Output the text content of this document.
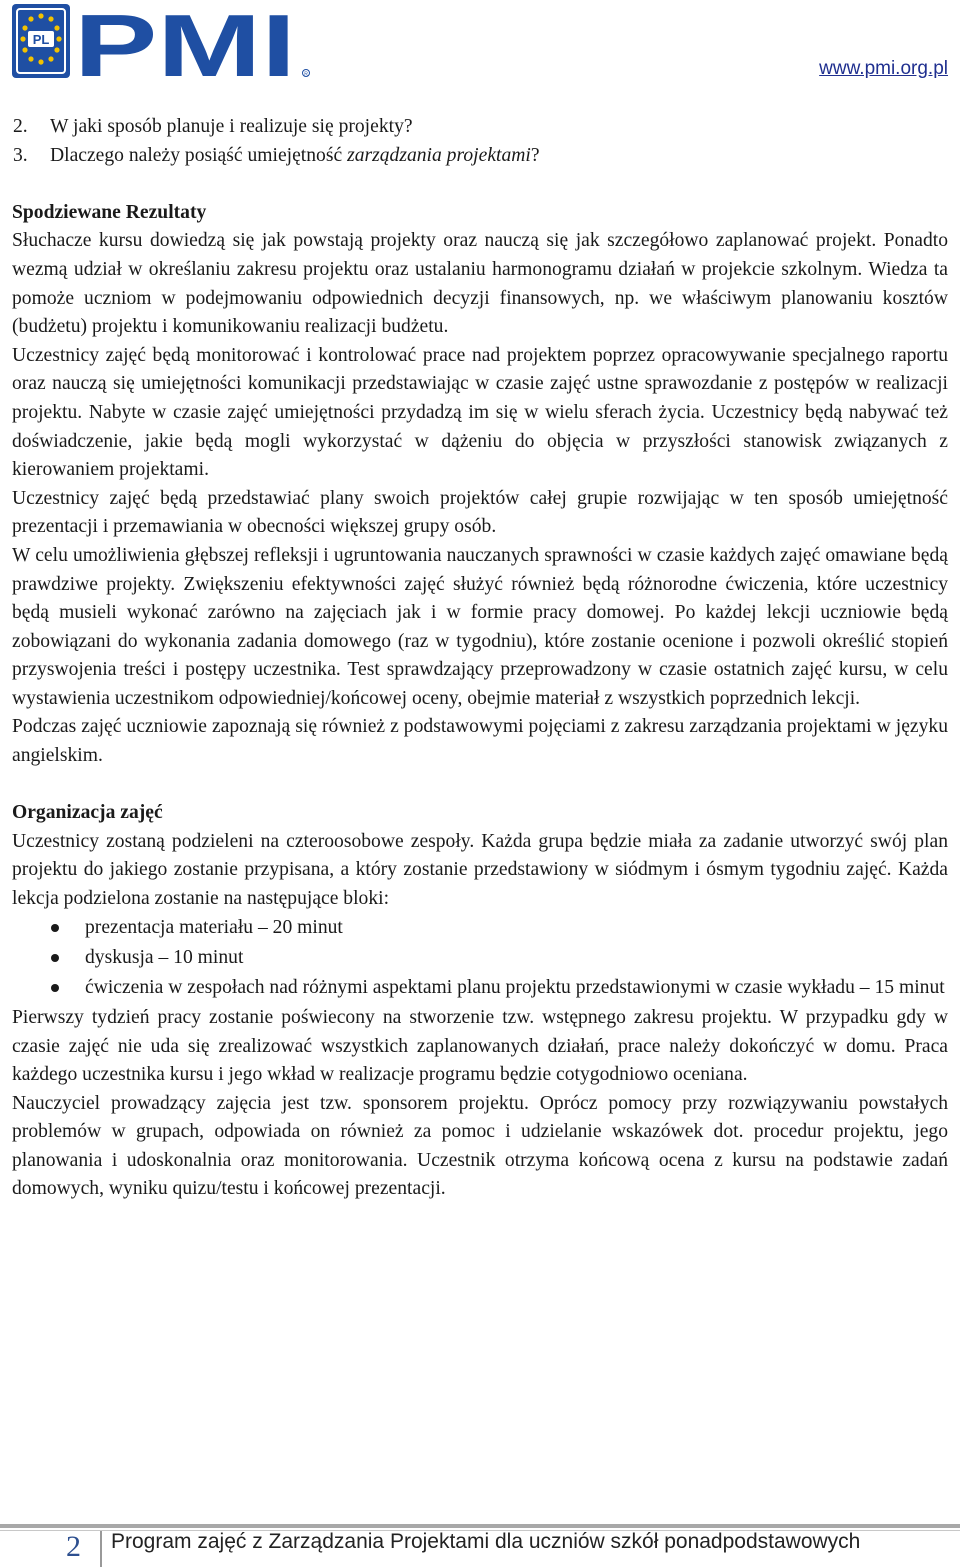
PL PMI R	www.pmi.org.pl
2. W jaki sposób planuje i realizuje się projekty?
3. Dlaczego należy posiąść umiejętność zarządzania projektami?
Spodziewane Rezultaty

Słuchacze kursu dowiedzą się jak powstają projekty oraz nauczą się jak szczegółowo zaplanować projekt. Ponadto wezmą udział w określaniu zakresu projektu oraz ustalaniu harmonogramu działań w projekcie szkolnym. Wiedza ta pomoże uczniom w podejmowaniu odpowiednich decyzji finansowych, np. we właściwym planowaniu kosztów (budżetu) projektu i komunikowaniu realizacji budżetu.

Uczestnicy zajęć będą monitorować i kontrolować prace nad projektem poprzez opracowywanie specjalnego raportu oraz nauczą się umiejętności komunikacji przedstawiając w czasie zajęć ustne sprawozdanie z postępów w realizacji projektu. Nabyte w czasie zajęć umiejętności przydadzą im się w wielu sferach życia. Uczestnicy będą nabywać też doświadczenie, jakie będą mogli wykorzystać w dążeniu do objęcia w przyszłości stanowisk związanych z kierowaniem projektami.

Uczestnicy zajęć będą przedstawiać plany swoich projektów całej grupie rozwijając w ten sposób umiejętność prezentacji i przemawiania w obecności większej grupy osób.

W celu umożliwienia głębszej refleksji i ugruntowania nauczanych sprawności w czasie każdych zajęć omawiane będą prawdziwe projekty. Zwiększeniu efektywności zajęć służyć również będą różnorodne ćwiczenia, które uczestnicy będą musieli wykonać zarówno na zajęciach jak i w formie pracy domowej. Po każdej lekcji uczniowie będą zobowiązani do wykonania zadania domowego (raz w tygodniu), które zostanie ocenione i pozwoli określić stopień przyswojenia treści i postępy uczestnika. Test sprawdzający przeprowadzony w czasie ostatnich zajęć kursu, w celu wystawienia uczestnikom odpowiedniej/końcowej oceny, obejmie materiał z wszystkich poprzednich lekcji.

Podczas zajęć uczniowie zapoznają się również z podstawowymi pojęciami z zakresu zarządzania projektami w języku angielskim.

Organizacja zajęć

Uczestnicy zostaną podzieleni na czteroosobowe zespoły. Każda grupa będzie miała za zadanie utworzyć swój plan projektu do jakiego zostanie przypisana, a który zostanie przedstawiony w siódmym i ósmym tygodniu zajęć. Każda lekcja podzielona zostanie na następujące bloki:

prezentacja materiału – 20 minut
dyskusja – 10 minut
ćwiczenia w zespołach nad różnymi aspektami planu projektu przedstawionymi w czasie wykładu – 15 minut

Pierwszy tydzień pracy zostanie poświecony na stworzenie tzw. wstępnego zakresu projektu. W przypadku gdy w czasie zajęć nie uda się zrealizować wszystkich zaplanowanych działań, prace należy dokończyć w domu. Praca każdego uczestnika kursu i jego wkład w realizacje programu będzie cotygodniowo oceniana.

Nauczyciel prowadzący zajęcia jest tzw. sponsorem projektu. Oprócz pomocy przy rozwiązywaniu powstałych problemów w grupach, odpowiada on również za pomoc i udzielanie wskazówek dot. procedur projektu, jego planowania i udoskonalnia oraz monitorowania. Uczestnik otrzyma końcową ocena z kursu na podstawie zadań domowych, wyniku quizu/testu i końcowej prezentacji.

2 Program zajęć z Zarządzania Projektami dla uczniów szkół ponadpodstawowych
